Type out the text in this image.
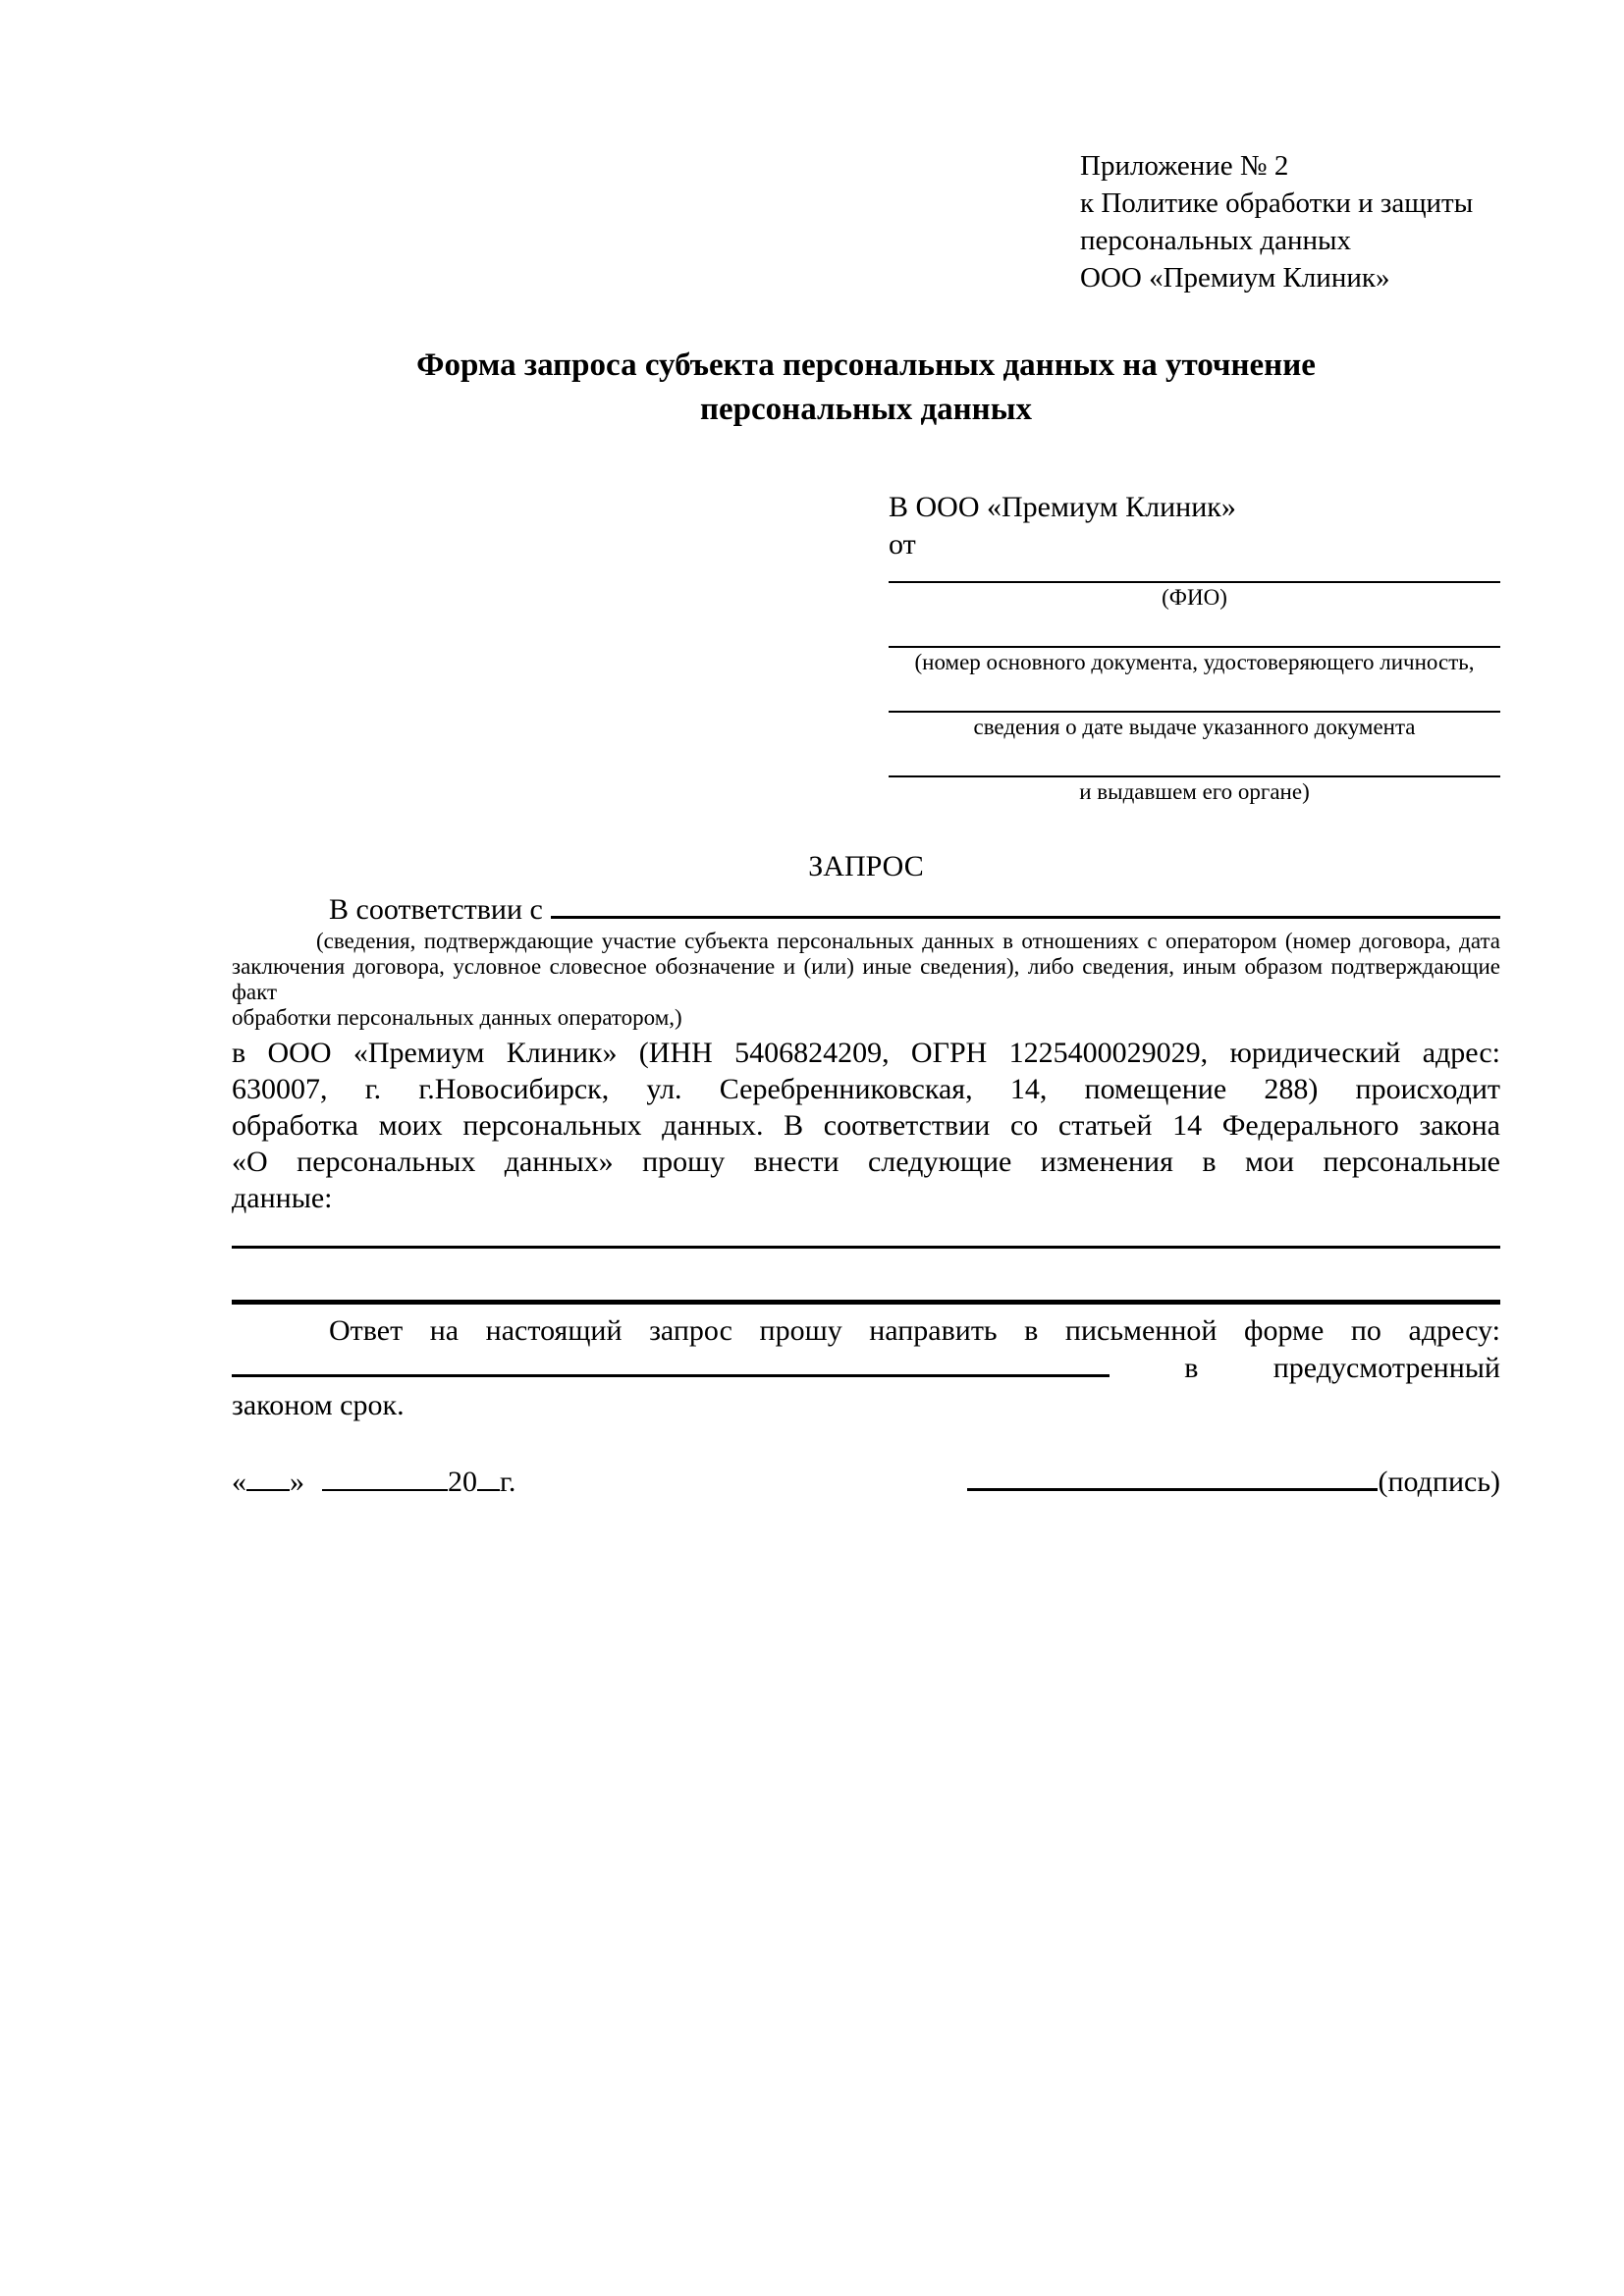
Приложение № 2
к Политике обработки и защиты
персональных данных
ООО «Премиум Клиник»
Форма запроса субъекта персональных данных на уточнение
персональных данных
В ООО «Премиум Клиник»
от
(ФИО)
(номер основного документа, удостоверяющего личность,
сведения о дате выдаче указанного документа
и выдавшем его органе)
ЗАПРОС
В соответствии с
(сведения, подтверждающие участие субъекта персональных данных в отношениях с оператором (номер договора, дата
заключения договора, условное словесное обозначение и (или) иные сведения), либо сведения, иным образом подтверждающие факт
обработки персональных данных оператором,)
в ООО «Премиум Клиник» (ИНН 5406824209, ОГРН 1225400029029, юридический адрес:
630007, г. г.Новосибирск, ул. Серебренниковская, 14, помещение 288) происходит
обработка моих персональных данных. В соответствии со статьей 14 Федерального закона
«О персональных данных» прошу внести следующие изменения в мои персональные
данные:
Ответ на настоящий запрос прошу направить в письменной форме по адресу:
в	предусмотренный
законом срок.
« »	20 г.	(подпись)
